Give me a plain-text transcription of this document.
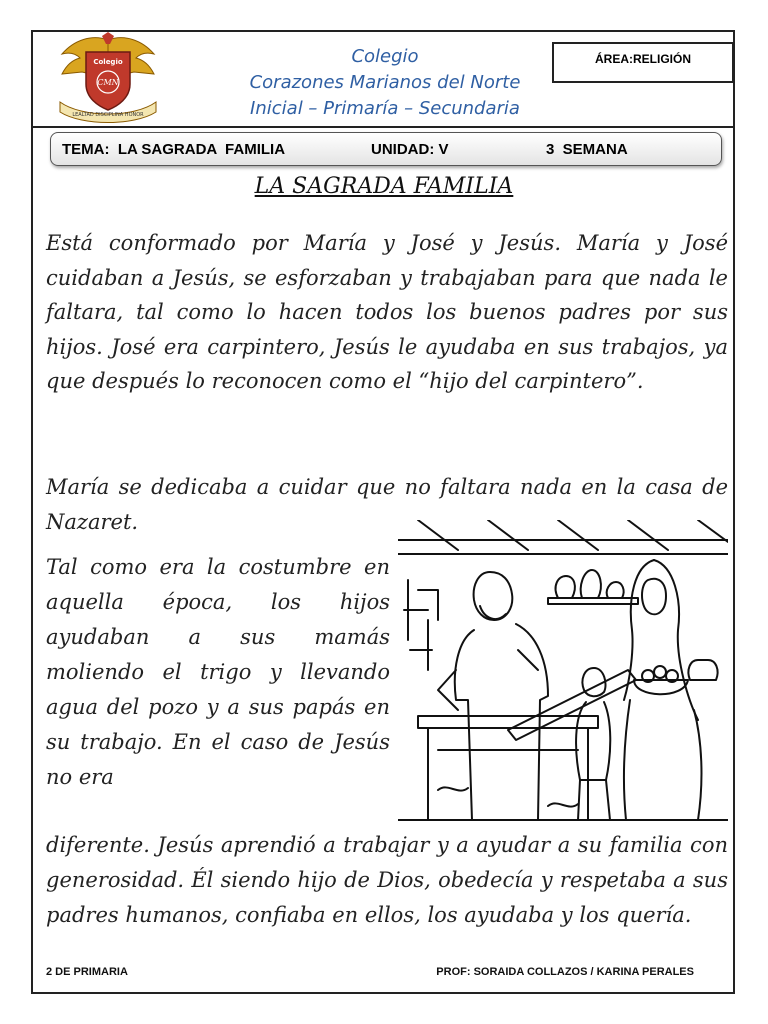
Colegio
CMN
LEALTAD DISCIPLINA HONOR
Colegio
Corazones Marianos del Norte
Inicial – Primaría – Secundaria
ÁREA:RELIGIÓN
TEMA:  LA SAGRADA  FAMILIA	UNIDAD: V	3  SEMANA
LA SAGRADA FAMILIA
Está conformado por María y José y Jesús. María y José cuidaban a Jesús, se esforzaban y trabajaban para que nada le faltara, tal como lo hacen todos los buenos padres por sus hijos. José era carpintero, Jesús le ayudaba en sus trabajos, ya que después lo reconocen como el “hijo del carpintero”.
María se dedicaba a cuidar que no faltara nada en la casa de Nazaret.
Tal como era la costumbre en aquella época, los hijos ayudaban a sus mamás moliendo el trigo y llevando agua del pozo y a sus papás en su trabajo. En el caso de Jesús no era
diferente. Jesús aprendió a trabajar y a ayudar a su familia con generosidad. Él siendo hijo de Dios, obedecía y respetaba a sus padres humanos, confiaba en ellos, los ayudaba y los quería.
2 DE PRIMARIA	PROF: SORAIDA COLLAZOS / KARINA PERALES
